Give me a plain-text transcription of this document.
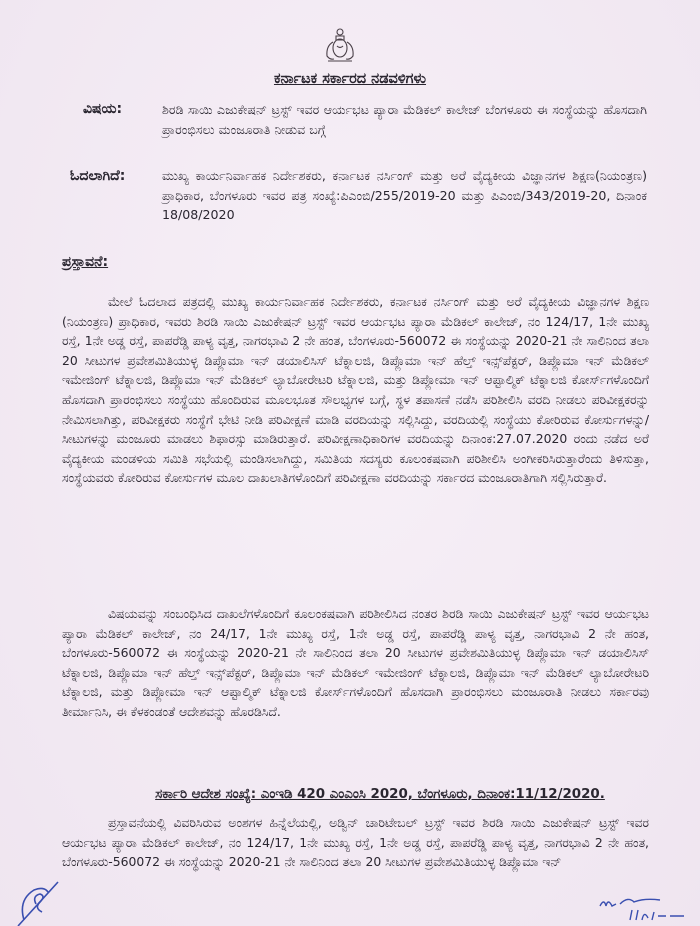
ಕರ್ನಾಟಕ ಸರ್ಕಾರದ ನಡವಳಿಗಳು
ವಿಷಯ:	ಶಿರಡಿ ಸಾಯಿ ಎಜುಕೇಷನ್ ಟ್ರಸ್ಟ್ ಇವರ ಆರ್ಯಭಟ ಪ್ಯಾರಾ ಮೆಡಿಕಲ್ ಕಾಲೇಜ್ ಬೆಂಗಳೂರು ಈ ಸಂಸ್ಥೆಯನ್ನು ಹೊಸದಾಗಿ ಪ್ರಾರಂಭಿಸಲು ಮಂಜೂರಾತಿ ನೀಡುವ ಬಗ್ಗೆ
ಓದಲಾಗಿದೆ:	ಮುಖ್ಯ ಕಾರ್ಯನಿರ್ವಾಹಕ ನಿರ್ದೇಶಕರು, ಕರ್ನಾಟಕ ನರ್ಸಿಂಗ್ ಮತ್ತು ಅರೆ ವೈದ್ಯಕೀಯ ವಿಜ್ಞಾನಗಳ ಶಿಕ್ಷಣ(ನಿಯಂತ್ರಣ) ಪ್ರಾಧಿಕಾರ, ಬೆಂಗಳೂರು ಇವರ ಪತ್ರ ಸಂಖ್ಯೆ:ಪಿಎಂಬಿ/255/2019-20 ಮತ್ತು ಪಿಎಂಬಿ/343/2019-20, ದಿನಾಂಕ 18/08/2020
ಪ್ರಸ್ತಾವನೆ:
ಮೇಲೆ ಓದಲಾದ ಪತ್ರದಲ್ಲಿ ಮುಖ್ಯ ಕಾರ್ಯನಿರ್ವಾಹಕ ನಿರ್ದೇಶಕರು, ಕರ್ನಾಟಕ ನರ್ಸಿಂಗ್ ಮತ್ತು ಅರೆ ವೈದ್ಯಕೀಯ ವಿಜ್ಞಾನಗಳ ಶಿಕ್ಷಣ (ನಿಯಂತ್ರಣ) ಪ್ರಾಧಿಕಾರ, ಇವರು ಶಿರಡಿ ಸಾಯಿ ಎಜುಕೇಷನ್ ಟ್ರಸ್ಟ್ ಇವರ ಆರ್ಯಭಟ ಪ್ಯಾರಾ ಮೆಡಿಕಲ್ ಕಾಲೇಜ್, ನಂ 124/17, 1ನೇ ಮುಖ್ಯ ರಸ್ತೆ, 1ನೇ ಅಡ್ಡ ರಸ್ತೆ, ಪಾಪರೆಡ್ಡಿ ಪಾಳ್ಯ ವೃತ್ತ, ನಾಗರಭಾವಿ 2 ನೇ ಹಂತ, ಬೆಂಗಳೂರು-560072 ಈ ಸಂಸ್ಥೆಯನ್ನು 2020-21 ನೇ ಸಾಲಿನಿಂದ ತಲಾ 20 ಸೀಟುಗಳ ಪ್ರವೇಶಮಿತಿಯುಳ್ಳ ಡಿಪ್ಲೊಮಾ ಇನ್ ಡಯಾಲಿಸಿಸ್ ಟೆಕ್ನಾಲಜಿ, ಡಿಪ್ಲೊಮಾ ಇನ್ ಹೆಲ್ತ್ ಇನ್ಸ್‌ಪೆಕ್ಟರ್, ಡಿಪ್ಲೊಮಾ ಇನ್ ಮೆಡಿಕಲ್ ಇಮೇಜಿಂಗ್ ಟೆಕ್ನಾಲಜಿ, ಡಿಪ್ಲೊಮಾ ಇನ್ ಮೆಡಿಕಲ್ ಲ್ಯಾಬೋರೇಟರಿ ಟೆಕ್ನಾಲಜಿ, ಮತ್ತು ಡಿಪ್ಲೋಮಾ ಇನ್ ಆಪ್ಟಾಲ್ಮಿಕ್ ಟೆಕ್ನಾಲಜಿ ಕೋರ್ಸ್‌ಗಳೊಂದಿಗೆ ಹೊಸದಾಗಿ ಪ್ರಾರಂಭಿಸಲು ಸಂಸ್ಥೆಯು ಹೊಂದಿರುವ ಮೂಲಭೂತ ಸೌಲಭ್ಯಗಳ ಬಗ್ಗೆ, ಸ್ಥಳ ತಪಾಸಣೆ ನಡೆಸಿ ಪರಿಶೀಲಿಸಿ ವರದಿ ನೀಡಲು ಪರಿವೀಕ್ಷಕರನ್ನು ನೇಮಿಸಲಾಗಿತ್ತು, ಪರಿವೀಕ್ಷಕರು ಸಂಸ್ಥೆಗೆ ಭೇಟಿ ನೀಡಿ ಪರಿವೀಕ್ಷಣೆ ಮಾಡಿ ವರದಿಯನ್ನು ಸಲ್ಲಿಸಿದ್ದು, ವರದಿಯಲ್ಲಿ ಸಂಸ್ಥೆಯು ಕೋರಿರುವ ಕೋರ್ಸುಗಳನ್ನು/ಸೀಟುಗಳನ್ನು ಮಂಜೂರು ಮಾಡಲು ಶಿಫಾರಸ್ಸು ಮಾಡಿರುತ್ತಾರೆ. ಪರಿವೀಕ್ಷಣಾಧಿಕಾರಿಗಳ ವರದಿಯನ್ನು ದಿನಾಂಕ:27.07.2020 ರಂದು ನಡೆದ ಅರೆ ವೈದ್ಯಕೀಯ ಮಂಡಳಿಯ ಸಮಿತಿ ಸಭೆಯಲ್ಲಿ ಮಂಡಿಸಲಾಗಿದ್ದು, ಸಮಿತಿಯ ಸದಸ್ಯರು ಕೂಲಂಕಷವಾಗಿ ಪರಿಶೀಲಿಸಿ ಅಂಗೀಕರಿಸಿರುತ್ತಾರೆಂದು ತಿಳಿಸುತ್ತಾ, ಸಂಸ್ಥೆಯವರು ಕೋರಿರುವ ಕೋರ್ಸುಗಳ ಮೂಲ ದಾಖಲಾತಿಗಳೊಂದಿಗೆ ಪರಿವೀಕ್ಷಣಾ ವರದಿಯನ್ನು ಸರ್ಕಾರದ ಮಂಜೂರಾತಿಗಾಗಿ ಸಲ್ಲಿಸಿರುತ್ತಾರೆ.
ವಿಷಯವನ್ನು ಸಂಬಂಧಿಸಿದ ದಾಖಲೆಗಳೊಂದಿಗೆ ಕೂಲಂಕಷವಾಗಿ ಪರಿಶೀಲಿಸಿದ ನಂತರ ಶಿರಡಿ ಸಾಯಿ ಎಜುಕೇಷನ್ ಟ್ರಸ್ಟ್ ಇವರ ಆರ್ಯಭಟ ಪ್ಯಾರಾ ಮೆಡಿಕಲ್ ಕಾಲೇಜ್, ನಂ 24/17, 1ನೇ ಮುಖ್ಯ ರಸ್ತೆ, 1ನೇ ಅಡ್ಡ ರಸ್ತೆ, ಪಾಪರೆಡ್ಡಿ ಪಾಳ್ಯ ವೃತ್ತ, ನಾಗರಭಾವಿ 2 ನೇ ಹಂತ, ಬೆಂಗಳೂರು-560072 ಈ ಸಂಸ್ಥೆಯನ್ನು 2020-21 ನೇ ಸಾಲಿನಿಂದ ತಲಾ 20 ಸೀಟುಗಳ ಪ್ರವೇಶಮಿತಿಯುಳ್ಳ ಡಿಪ್ಲೊಮಾ ಇನ್ ಡಯಾಲಿಸಿಸ್ ಟೆಕ್ನಾಲಜಿ, ಡಿಪ್ಲೊಮಾ ಇನ್ ಹೆಲ್ತ್ ಇನ್ಸ್‌ಪೆಕ್ಟರ್, ಡಿಪ್ಲೊಮಾ ಇನ್ ಮೆಡಿಕಲ್ ಇಮೇಜಿಂಗ್ ಟೆಕ್ನಾಲಜಿ, ಡಿಪ್ಲೊಮಾ ಇನ್ ಮೆಡಿಕಲ್ ಲ್ಯಾಬೋರೇಟರಿ ಟೆಕ್ನಾಲಜಿ, ಮತ್ತು ಡಿಪ್ಲೋಮಾ ಇನ್ ಆಪ್ಟಾಲ್ಮಿಕ್ ಟೆಕ್ನಾಲಜಿ ಕೋರ್ಸ್‌ಗಳೊಂದಿಗೆ ಹೊಸದಾಗಿ ಪ್ರಾರಂಭಿಸಲು ಮಂಜೂರಾತಿ ನೀಡಲು ಸರ್ಕಾರವು ತೀರ್ಮಾನಿಸಿ, ಈ ಕೆಳಕಂಡಂತೆ ಆದೇಶವನ್ನು ಹೊರಡಿಸಿದೆ.
ಸರ್ಕಾರಿ ಆದೇಶ ಸಂಖ್ಯೆ: ಎಂಇಡಿ 420 ಎಂಎಂಸಿ 2020, ಬೆಂಗಳೂರು, ದಿನಾಂಕ:11/12/2020.
ಪ್ರಸ್ತಾವನೆಯಲ್ಲಿ ವಿವರಿಸಿರುವ ಅಂಶಗಳ ಹಿನ್ನೆಲೆಯಲ್ಲಿ, ಅಡ್ವಿನ್ ಚಾರಿಟೇಬಲ್ ಟ್ರಸ್ಟ್ ಇವರ ಶಿರಡಿ ಸಾಯಿ ಎಜುಕೇಷನ್ ಟ್ರಸ್ಟ್ ಇವರ ಆರ್ಯಭಟ ಪ್ಯಾರಾ ಮೆಡಿಕಲ್ ಕಾಲೇಜ್, ನಂ 124/17, 1ನೇ ಮುಖ್ಯ ರಸ್ತೆ, 1ನೇ ಅಡ್ಡ ರಸ್ತೆ, ಪಾಪರೆಡ್ಡಿ ಪಾಳ್ಯ ವೃತ್ತ, ನಾಗರಭಾವಿ 2 ನೇ ಹಂತ, ಬೆಂಗಳೂರು-560072 ಈ ಸಂಸ್ಥೆಯನ್ನು 2020-21 ನೇ ಸಾಲಿನಿಂದ ತಲಾ 20 ಸೀಟುಗಳ ಪ್ರವೇಶಮಿತಿಯುಳ್ಳ ಡಿಪ್ಲೊಮಾ ಇನ್
